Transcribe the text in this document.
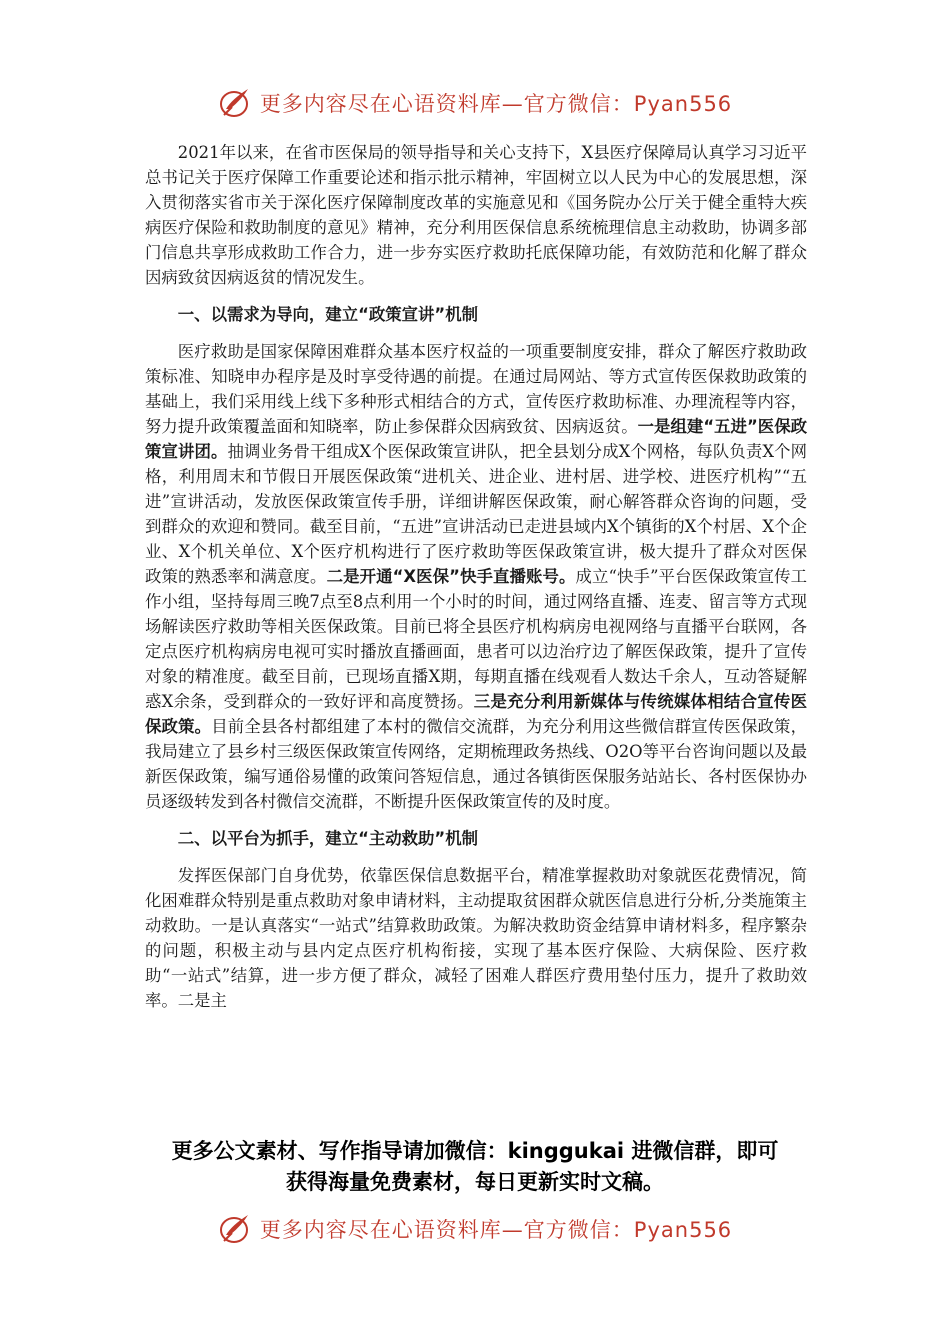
更多内容尽在心语资料库—官方微信：Pyan556

2021年以来，在省市医保局的领导指导和关心支持下，X县医疗保障局认真学习习近平总书记关于医疗保障工作重要论述和指示批示精神，牢固树立以人民为中心的发展思想，深入贯彻落实省市关于深化医疗保障制度改革的实施意见和《国务院办公厅关于健全重特大疾病医疗保险和救助制度的意见》精神，充分利用医保信息系统梳理信息主动救助，协调多部门信息共享形成救助工作合力，进一步夯实医疗救助托底保障功能，有效防范和化解了群众因病致贫因病返贫的情况发生。

一、以需求为导向，建立“政策宣讲”机制

医疗救助是国家保障困难群众基本医疗权益的一项重要制度安排，群众了解医疗救助政策标准、知晓申办程序是及时享受待遇的前提。在通过局网站、等方式宣传医保救助政策的基础上，我们采用线上线下多种形式相结合的方式，宣传医疗救助标准、办理流程等内容，努力提升政策覆盖面和知晓率，防止参保群众因病致贫、因病返贫。一是组建“五进”医保政策宣讲团。抽调业务骨干组成X个医保政策宣讲队，把全县划分成X个网格，每队负责X个网格，利用周末和节假日开展医保政策“进机关、进企业、进村居、进学校、进医疗机构”“五进”宣讲活动，发放医保政策宣传手册，详细讲解医保政策，耐心解答群众咨询的问题，受到群众的欢迎和赞同。截至目前，“五进”宣讲活动已走进县域内X个镇街的X个村居、X个企业、X个机关单位、X个医疗机构进行了医疗救助等医保政策宣讲，极大提升了群众对医保政策的熟悉率和满意度。二是开通“X医保”快手直播账号。成立“快手”平台医保政策宣传工作小组，坚持每周三晚7点至8点利用一个小时的时间，通过网络直播、连麦、留言等方式现场解读医疗救助等相关医保政策。目前已将全县医疗机构病房电视网络与直播平台联网，各定点医疗机构病房电视可实时播放直播画面，患者可以边治疗边了解医保政策，提升了宣传对象的精准度。截至目前，已现场直播X期，每期直播在线观看人数达千余人，互动答疑解惑X余条，受到群众的一致好评和高度赞扬。三是充分利用新媒体与传统媒体相结合宣传医保政策。目前全县各村都组建了本村的微信交流群，为充分利用这些微信群宣传医保政策，我局建立了县乡村三级医保政策宣传网络，定期梳理政务热线、O2O等平台咨询问题以及最新医保政策，编写通俗易懂的政策问答短信息，通过各镇街医保服务站站长、各村医保协办员逐级转发到各村微信交流群，不断提升医保政策宣传的及时度。

二、以平台为抓手，建立“主动救助”机制

发挥医保部门自身优势，依靠医保信息数据平台，精准掌握救助对象就医花费情况，简化困难群众特别是重点救助对象申请材料，主动提取贫困群众就医信息进行分析,分类施策主动救助。一是认真落实“一站式”结算救助政策。为解决救助资金结算申请材料多，程序繁杂的问题，积极主动与县内定点医疗机构衔接，实现了基本医疗保险、大病保险、医疗救助“一站式”结算，进一步方便了群众，减轻了困难人群医疗费用垫付压力，提升了救助效率。二是主

更多公文素材、写作指导请加微信：kinggukai 进微信群，即可
获得海量免费素材，每日更新实时文稿。
更多内容尽在心语资料库—官方微信：Pyan556
